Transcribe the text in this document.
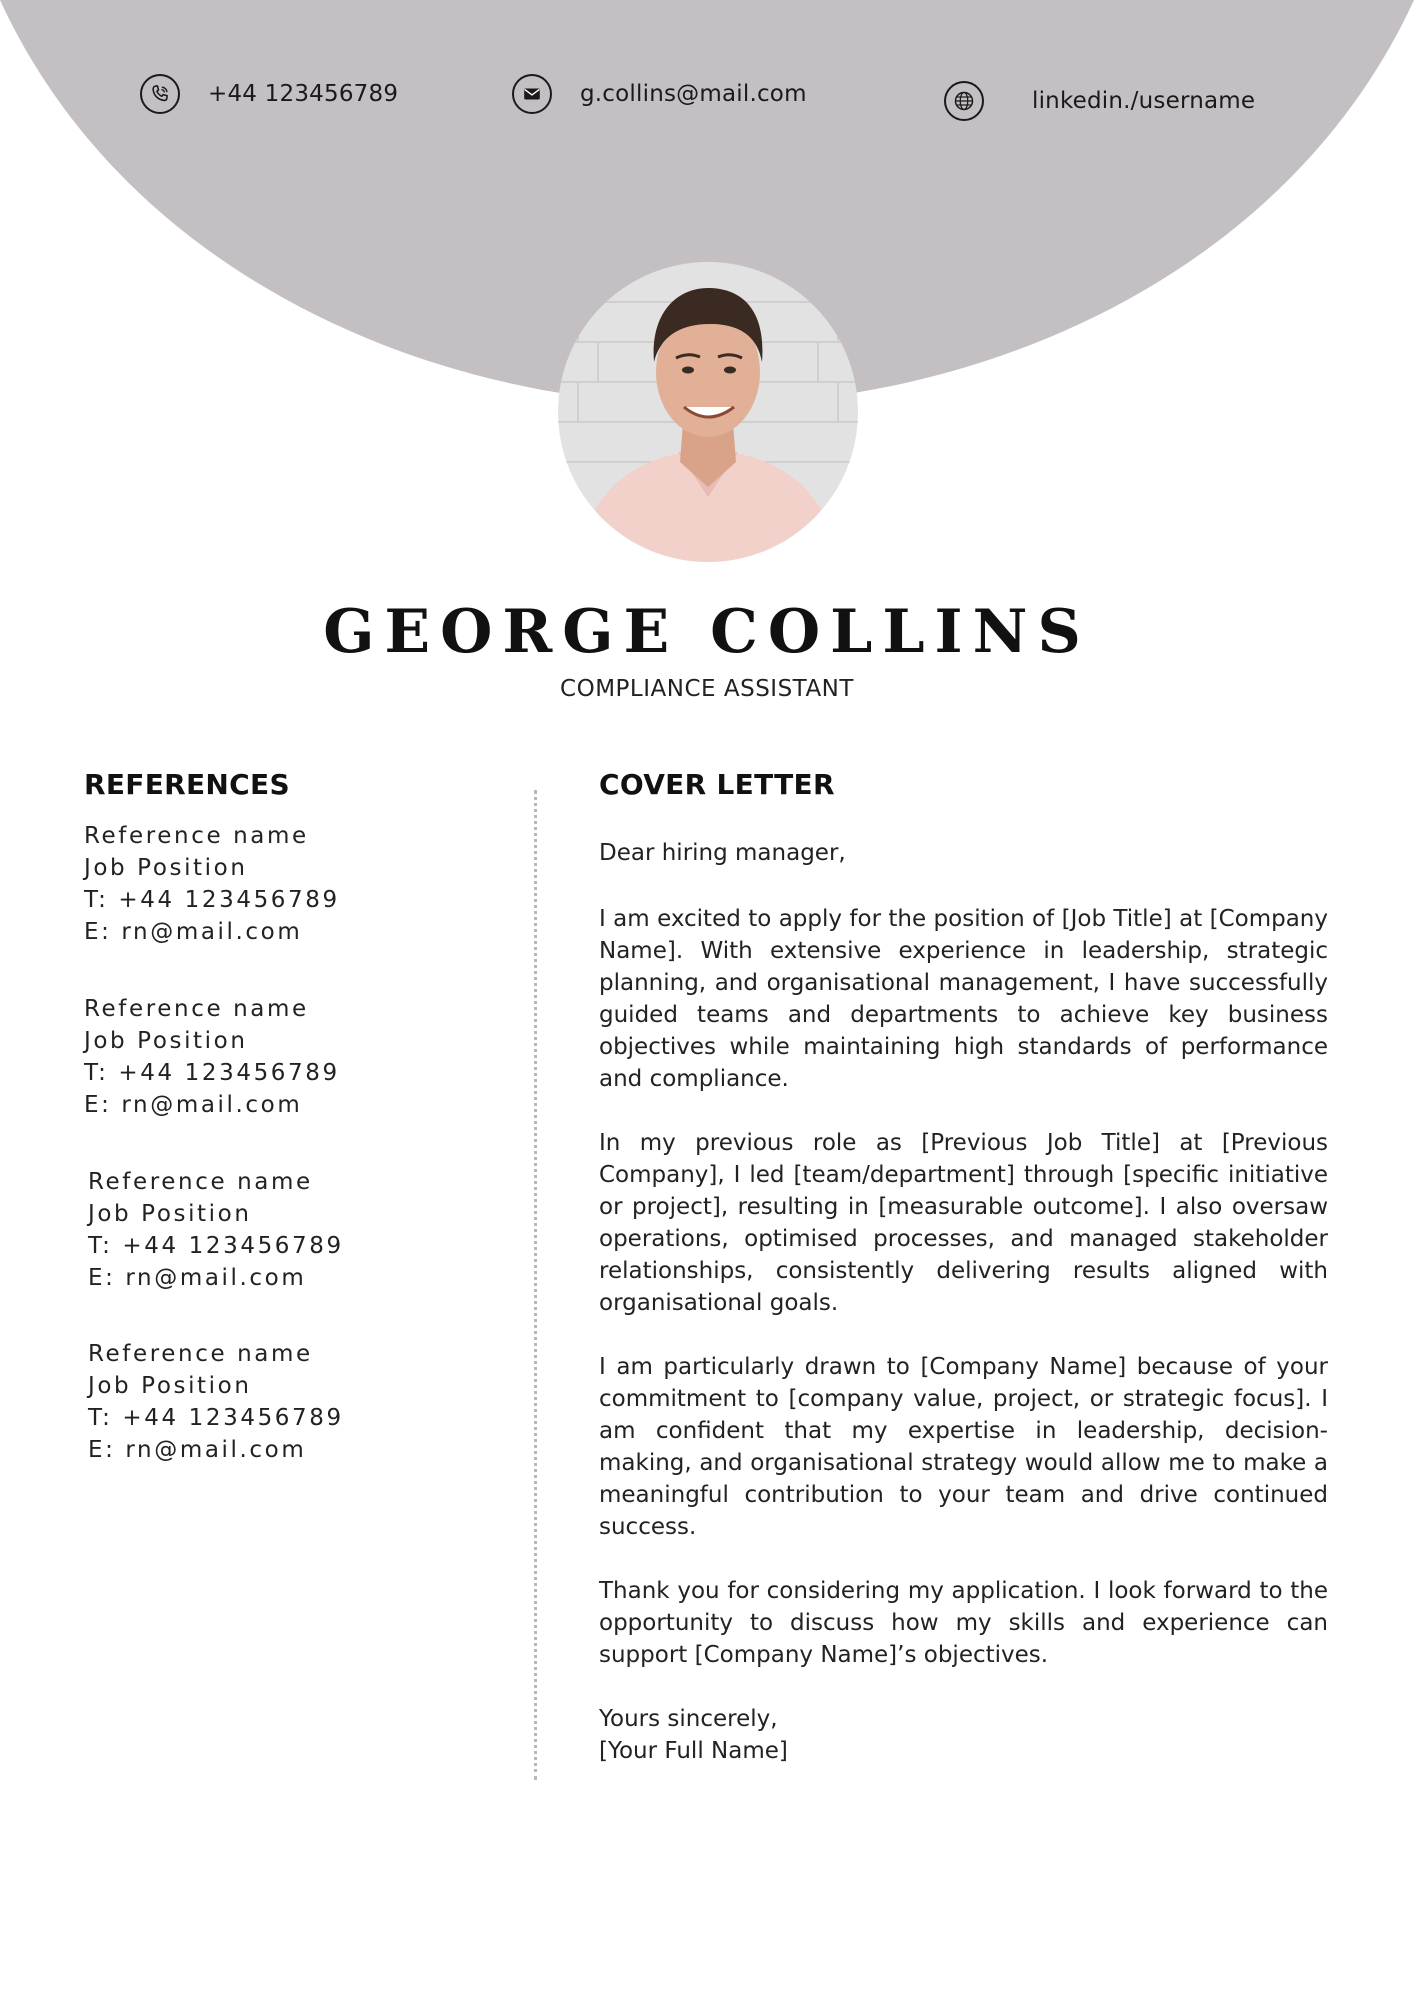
+44 123456789	g.collins@mail.com	linkedin./username
GEORGE COLLINS
COMPLIANCE ASSISTANT
REFERENCES	COVER LETTER
Reference name
Job Position
T: +44 123456789
E: rn@mail.com
Reference name
Job Position
T: +44 123456789
E: rn@mail.com
Reference name
Job Position
T: +44 123456789
E: rn@mail.com
Reference name
Job Position
T: +44 123456789
E: rn@mail.com

Dear hiring manager,

I am excited to apply for the position of [Job Title] at [Company Name]. With extensive experience in leadership, strategic planning, and organisational management, I have successfully guided teams and departments to achieve key business objectives while maintaining high standards of performance and compliance.

In my previous role as [Previous Job Title] at [Previous Company], I led [team/department] through [specific initiative or project], resulting in [measurable outcome]. I also oversaw operations, optimised processes, and managed stakeholder relationships, consistently delivering results aligned with organisational goals.

I am particularly drawn to [Company Name] because of your commitment to [company value, project, or strategic focus]. I am confident that my expertise in leadership, decision-making, and organisational strategy would allow me to make a meaningful contribution to your team and drive continued success.

Thank you for considering my application. I look forward to the opportunity to discuss how my skills and experience can support [Company Name]’s objectives.

Yours sincerely,

[Your Full Name]
